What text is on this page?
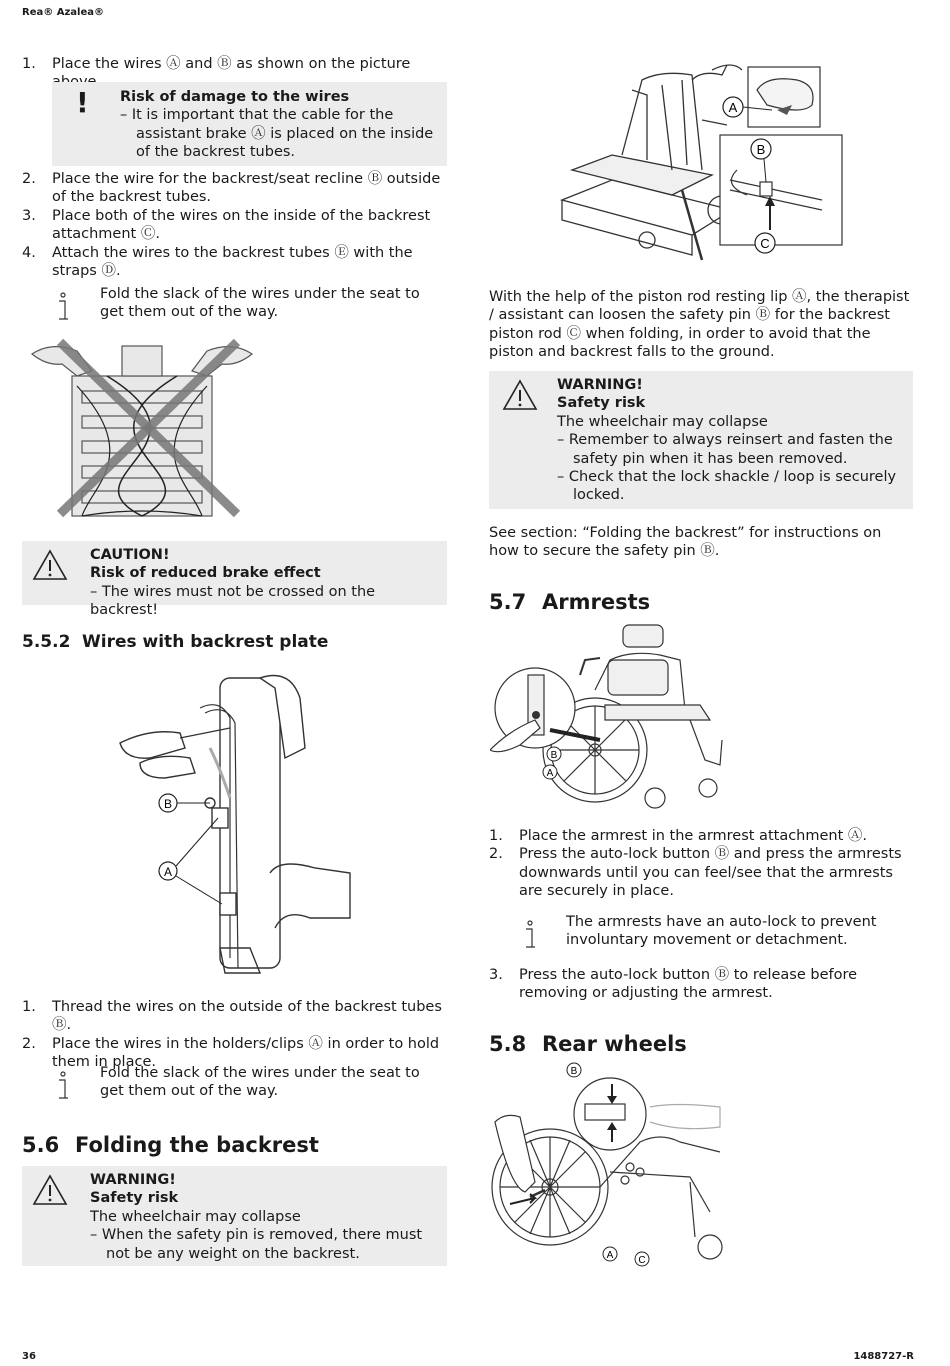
Rea® Azalea®
1. Place the wires Ⓐ and Ⓑ as shown on the picture
! Risk of damage to the wires
– It is important that the cable for the assistant brake Ⓐ is placed on the inside of the backrest tubes.
2. Place the wire for the backrest/seat recline Ⓑ outside of the backrest tubes.
3. Place both of the wires on the inside of the backrest attachment Ⓒ.
4. Attach the wires to the backrest tubes Ⓔ with the straps Ⓓ.
Fold the slack of the wires under the seat to get them out of the way.
CAUTION!
Risk of reduced brake effect
– The wires must not be crossed on the backrest!
5.5.2 Wires with backrest plate
B
A
1. Thread the wires on the outside of the backrest tubes Ⓑ.
2. Place the wires in the holders/clips Ⓐ in order to hold them in place.
Fold the slack of the wires under the seat to get them out of the way.
5.6 Folding the backrest
WARNING!
Safety risk
The wheelchair may collapse
– When the safety pin is removed, there must not be any weight on the backrest.
A
B
C
With the help of the piston rod resting lip Ⓐ, the therapist / assistant can loosen the safety pin Ⓑ for the backrest piston rod Ⓒ when folding, in order to avoid that the piston and backrest falls to the ground.
WARNING!
Safety risk
The wheelchair may collapse
– Remember to always reinsert and fasten the safety pin when it has been removed.
– Check that the lock shackle / loop is securely locked.
See section: “Folding the backrest” for instructions on how to secure the safety pin Ⓑ.
5.7 Armrests
B
A
1. Place the armrest in the armrest attachment Ⓐ.
2. Press the auto-lock button Ⓑ and press the armrests downwards until you can feel/see that the armrests are securely in place.
The armrests have an auto-lock to prevent involuntary movement or detachment.
3. Press the auto-lock button Ⓑ to release before removing or adjusting the armrest.
5.8 Rear wheels
B
A	C
36	1488727-R
